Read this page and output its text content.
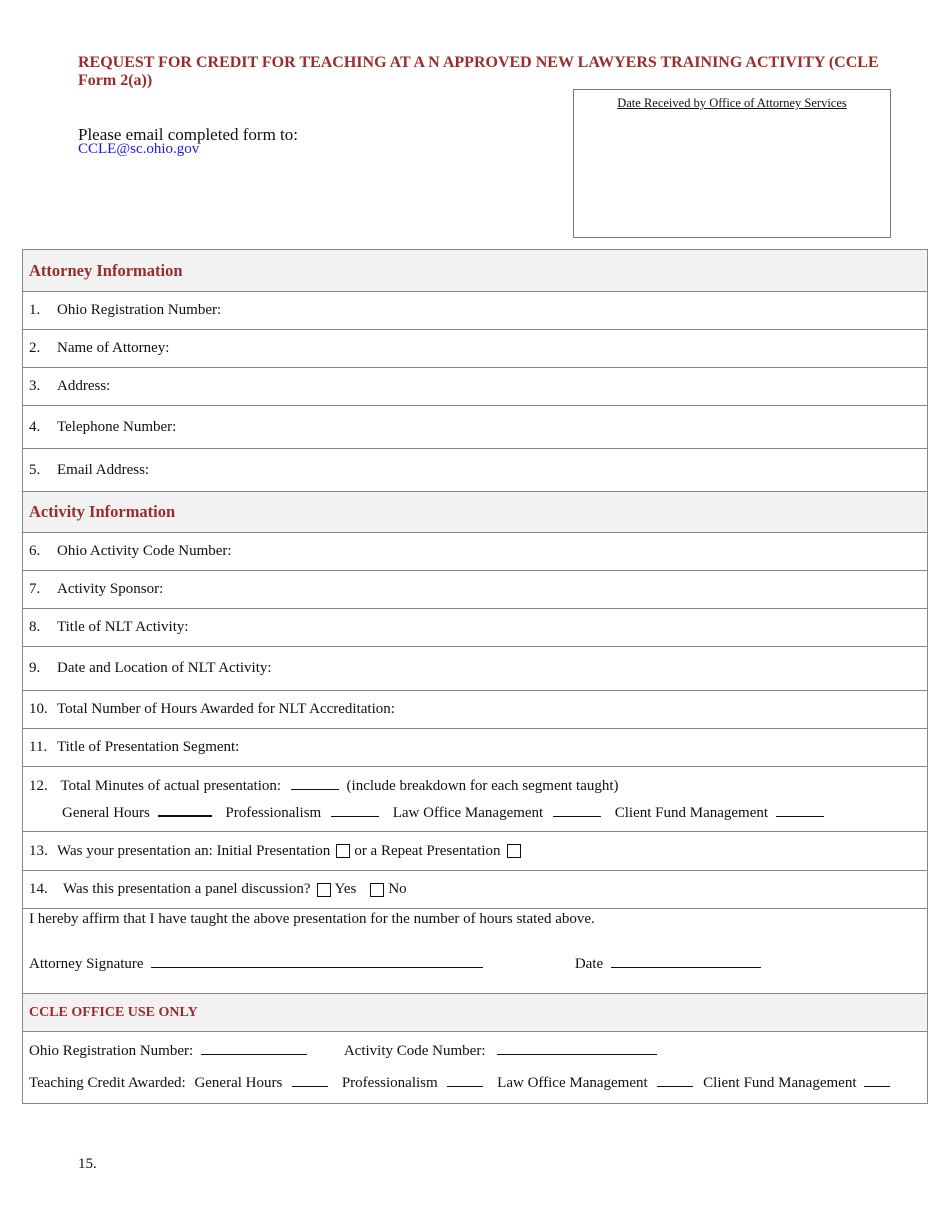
REQUEST FOR CREDIT FOR TEACHING AT A N APPROVED NEW LAWYERS TRAINING ACTIVITY (CCLE Form 2(a))
Please email completed form to:
CCLE@sc.ohio.gov
Date Received by Office of Attorney Services
Attorney Information
1.	Ohio Registration Number:
2.	Name of Attorney:
3.	Address:
4.	Telephone Number:
5.	Email Address:
Activity Information
6.	Ohio Activity Code Number:
7.	Activity Sponsor:
8.	Title of NLT Activity:
9.	Date and Location of NLT Activity:
10. Total Number of Hours Awarded for NLT Accreditation:
11. Title of Presentation Segment:
12. Total Minutes of actual presentation:	(include breakdown for each segment taught)
General Hours	Professionalism	Law Office Management	Client Fund Management
13. Was your presentation an: Initial Presentation or a Repeat Presentation
14.	Was this presentation a panel discussion? Yes No
I hereby affirm that I have taught the above presentation for the number of hours stated above.
Attorney Signature	Date
CCLE OFFICE USE ONLY
Ohio Registration Number:	Activity Code Number:
Teaching Credit Awarded: General Hours	Professionalism	Law Office Management	Client Fund Management
15.
